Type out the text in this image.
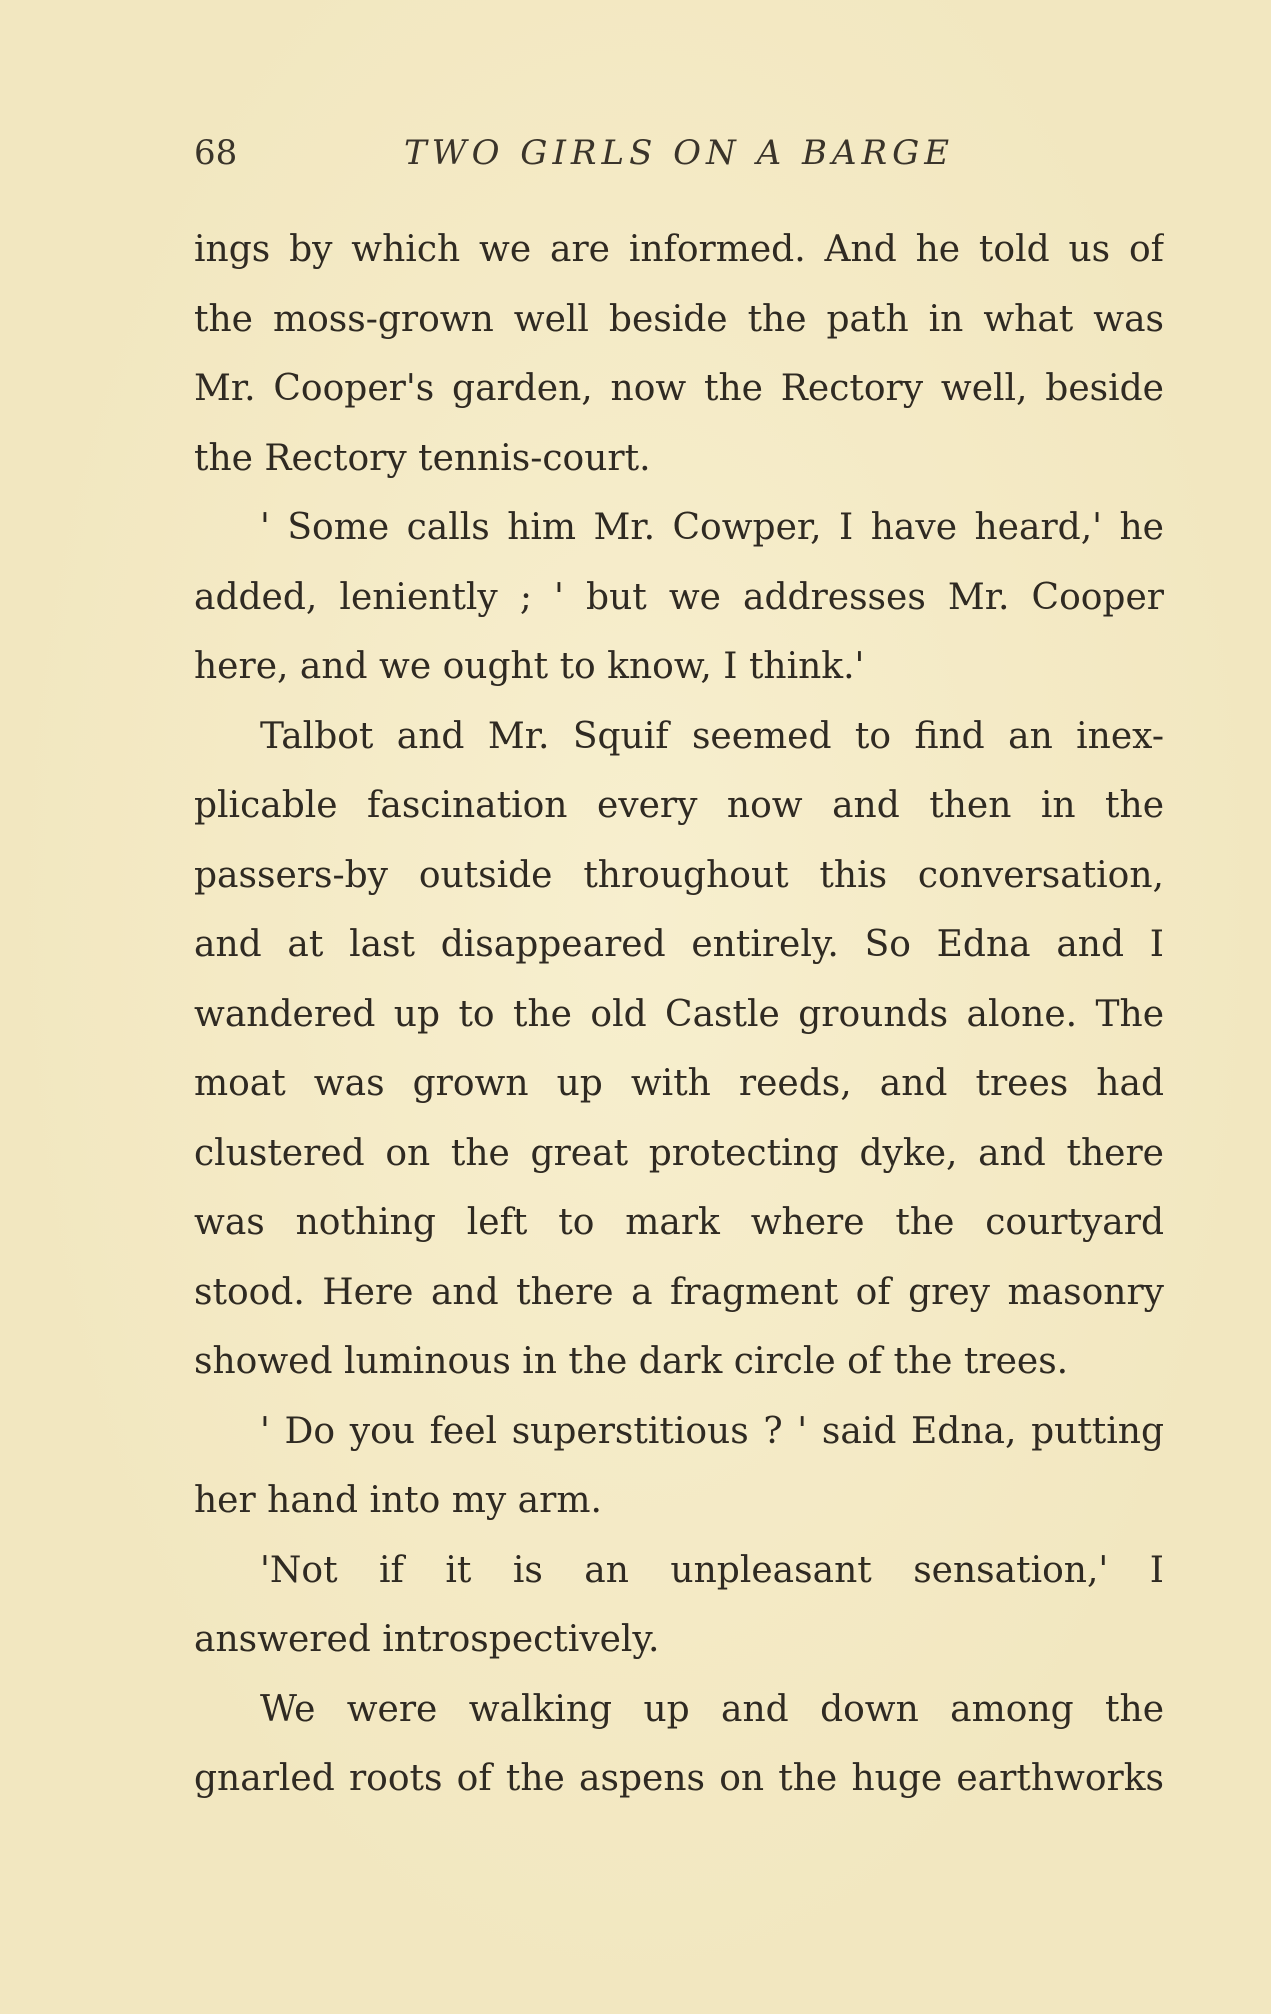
68	TWO GIRLS ON A BARGE
ings by which we are informed. And he told us of
the moss-grown well beside the path in what was
Mr. Cooper's garden, now the Rectory well, beside
the Rectory tennis-court.
' Some calls him Mr. Cowper, I have heard,' he
added, leniently ; ' but we addresses Mr. Cooper
here, and we ought to know, I think.'
Talbot and Mr. Squif seemed to find an inex-
plicable fascination every now and then in the
passers-by outside throughout this conversation,
and at last disappeared entirely. So Edna and I
wandered up to the old Castle grounds alone. The
moat was grown up with reeds, and trees had
clustered on the great protecting dyke, and there
was nothing left to mark where the courtyard
stood. Here and there a fragment of grey masonry
showed luminous in the dark circle of the trees.
' Do you feel superstitious ? ' said Edna, putting
her hand into my arm.
'Not if it is an unpleasant sensation,' I
answered introspectively.
We were walking up and down among the
gnarled roots of the aspens on the huge earthworks
